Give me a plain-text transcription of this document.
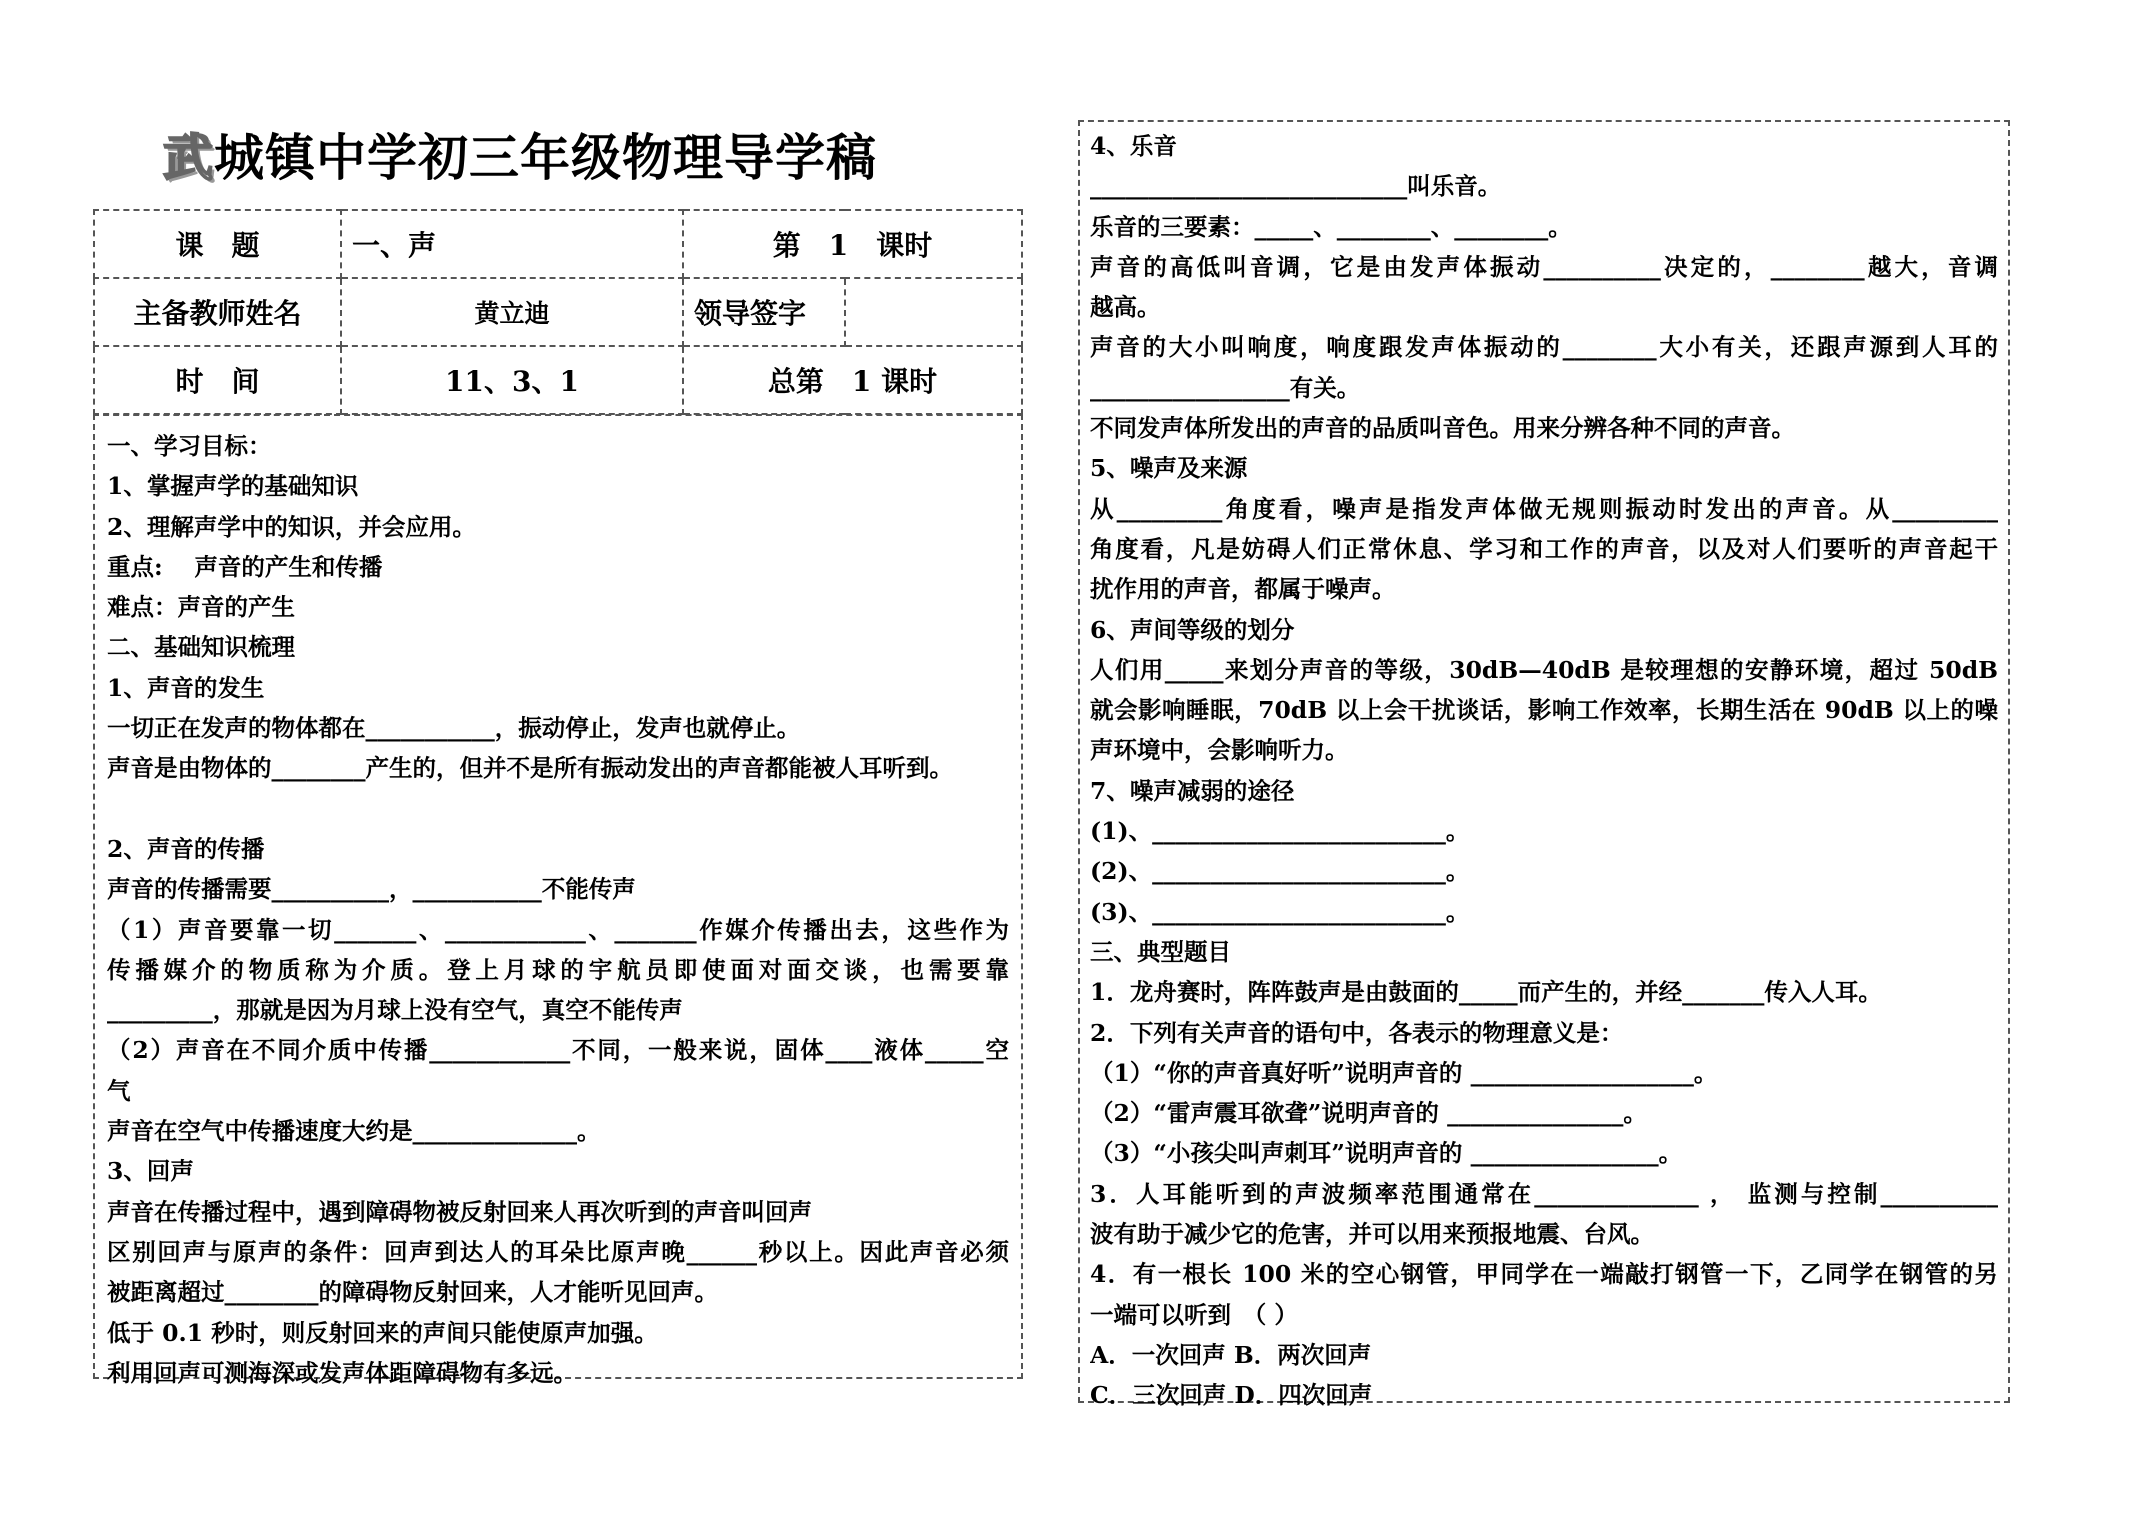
武城镇中学初三年级物理导学稿
课　题	一、声	第　1　课时	
主备教师姓名	黄立迪	领导签字	
时　间	11、3、1	总第　1 课时	

一、学习目标：

1、掌握声学的基础知识

2、理解声学中的知识，并会应用。

重点:　 声音的产生和传播

难点：声音的产生

二、基础知识梳理

1、声音的发生

一切正在发声的物体都在___________，振动停止，发声也就停止。

声音是由物体的________产生的，但并不是所有振动发出的声音都能被人耳听到。

2、声音的传播

声音的传播需要__________，___________不能传声

（1）声音要靠一切_______、____________、_______作媒介传播出去，这些作为

传播媒介的物质称为介质。登上月球的宇航员即使面对面交谈，也需要靠

_________，那就是因为月球上没有空气，真空不能传声

（2）声音在不同介质中传播____________不同，一般来说，固体____液体_____空

气

声音在空气中传播速度大约是______________。

3、回声

声音在传播过程中，遇到障碍物被反射回来人再次听到的声音叫回声

区别回声与原声的条件：回声到达人的耳朵比原声晚______秒以上。因此声音必须

被距离超过________的障碍物反射回来，人才能听见回声。

低于 0.1 秒时，则反射回来的声间只能使原声加强。

利用回声可测海深或发声体距障碍物有多远。

4、乐音

___________________________叫乐音。

乐音的三要素：_____、________、________。

声音的高低叫音调，它是由发声体振动__________决定的，________越大，音调

越高。

声音的大小叫响度，响度跟发声体振动的________大小有关，还跟声源到人耳的

_________________有关。

不同发声体所发出的声音的品质叫音色。用来分辨各种不同的声音。

5、噪声及来源

从_________角度看，噪声是指发声体做无规则振动时发出的声音。从_________

角度看，凡是妨碍人们正常休息、学习和工作的声音，以及对人们要听的声音起干

扰作用的声音，都属于噪声。

6、声间等级的划分

人们用_____来划分声音的等级，30dB—40dB 是较理想的安静环境，超过 50dB

就会影响睡眠，70dB 以上会干扰谈话，影响工作效率，长期生活在 90dB 以上的噪

声环境中，会影响听力。

7、噪声减弱的途径

(1)、_________________________。

(2)、_________________________。

(3)、_________________________。

三、典型题目

1．龙舟赛时，阵阵鼓声是由鼓面的_____而产生的，并经_______传入人耳。

2．下列有关声音的语句中，各表示的物理意义是：

（1）“你的声音真好听”说明声音的 ___________________。

（2）“雷声震耳欲聋”说明声音的 _______________。

（3）“小孩尖叫声刺耳”说明声音的 ________________。

3．人耳能听到的声波频率范围通常在______________ ， 监测与控制__________

波有助于减少它的危害，并可以用来预报地震、台风。

4．有一根长 100 米的空心钢管，甲同学在一端敲打钢管一下，乙同学在钢管的另

一端可以听到　（ ）

A．一次回声 B．两次回声

C．三次回声 D．四次回声
